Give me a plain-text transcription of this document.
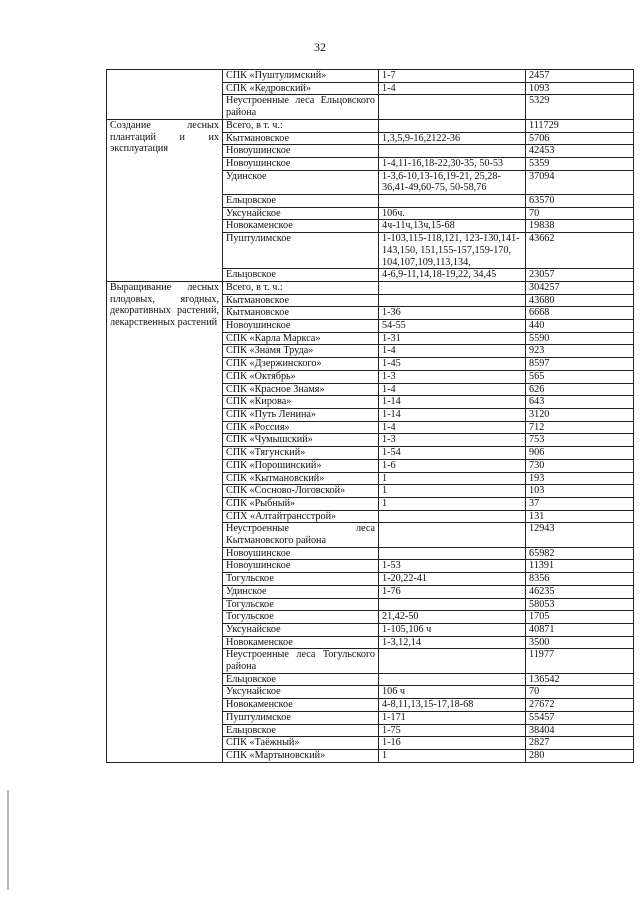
32
	СПК «Пуштулимский»	1-7	2457
	СПК «Кедровский»	1-4	1093
	Неустроенные леса Ельцовского района		5329
Создание лесных плантаций и их эксплуатация	Всего, в т. ч.:		111729
	Кытмановское	1,3,5,9-16,2122-36	5706
	Новоушинское		42453
	Новоушинское	1-4,11-16,18-22,30-35, 50-53	5359
	Удинское	1-3,6-10,13-16,19-21, 25,28-36,41-49,60-75, 50-58,76	37094
	Ельцовское		63570
	Уксунайское	106ч.	70
	Новокаменское	4ч-11ч,13ч,15-68	19838
	Пуштулимское	1-103,115-118,121, 123-130,141-143,150, 151,155-157,159-170, 104,107,109,113,134,	43662
	Ельцовское	4-6,9-11,14,18-19,22, 34,45	23057
Выращивание лесных плодовых, ягодных, декоративных растений, лекарственных растений	Всего, в т. ч.:		304257
	Кытмановское		43680
	Кытмановское	1-36	6668
	Новоушинское	54-55	440
	СПК «Карла Маркса»	1-31	5590
	СПК «Знамя Труда»	1-4	923
	СПК «Дзержинского»	1-45	8597
	СПК «Октябрь»	1-3	565
	СПК «Красное Знамя»	1-4	626
	СПК «Кирова»	1-14	643
	СПК «Путь Ленина»	1-14	3120
	СПК «Россия»	1-4	712
	СПК «Чумышский»	1-3	753
	СПК «Тягунский»	1-54	906
	СПК «Порошинский»	1-6	730
	СПК «Кытмановский»	1	193
	СПК «Сосново-Логовской»	1	103
	СПК «Рыбный»	1	37
	СПХ «Алтайтрансстрой»		131
	Неустроенные леса Кытмановского района		12943
	Новоушинское		65982
	Новоушинское	1-53	11391
	Тогульское	1-20,22-41	8356
	Удинское	1-76	46235
	Тогульское		58053
	Тогульское	21,42-50	1705
	Уксунайское	1-105,106 ч	40871
	Новокаменское	1-3,12,14	3500
	Неустроенные леса Тогульского района		11977
	Ельцовское		136542
	Уксунайское	106 ч	70
	Новокаменское	4-8,11,13,15-17,18-68	27672
	Пуштулимское	1-171	55457
	Ельцовское	1-75	38404
	СПК «Таёжный»	1-16	2827
	СПК «Мартыновский»	1	280
